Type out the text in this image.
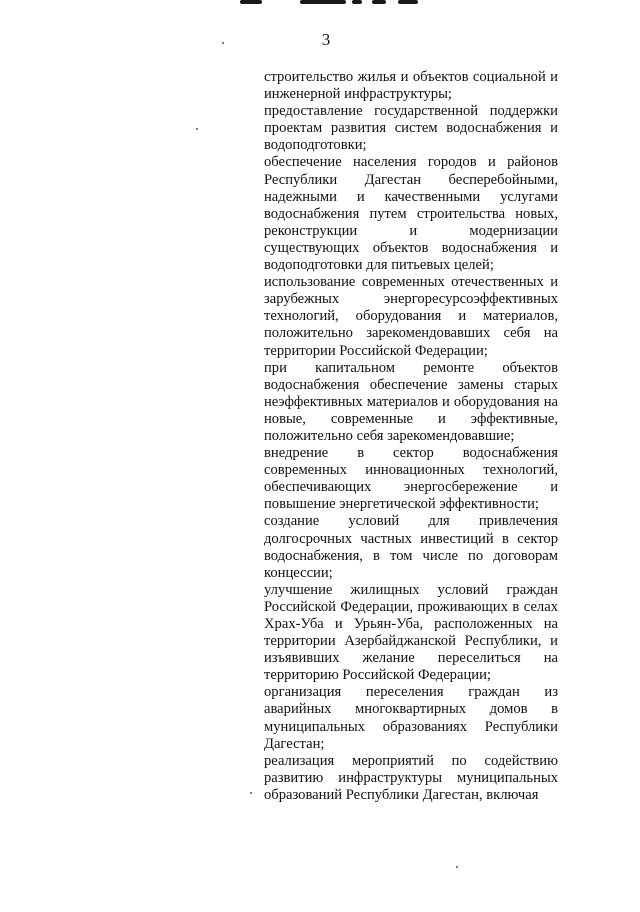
3

строительство жилья и объектов социальной и инженерной инфраструктуры;

предоставление государственной поддержки проектам развития систем водоснабжения и водоподготовки;

обеспечение населения городов и районов Республики Дагестан бесперебойными, надежными и качественными услугами водоснабжения путем строительства новых, реконструкции и модернизации существующих объектов водоснабжения и водоподготовки для питьевых целей;

использование современных отечественных и зарубежных энергоресурсоэффективных технологий, оборудования и материалов, положительно зарекомендовавших себя на территории Российской Федерации;

при капитальном ремонте объектов водоснабжения обеспечение замены старых неэффективных материалов и оборудования на новые, современные и эффективные, положительно себя зарекомендовавшие;

внедрение в сектор водоснабжения современных инновационных технологий, обеспечивающих энергосбережение и повышение энергетической эффективности;

создание условий для привлечения долгосрочных частных инвестиций в сектор водоснабжения, в том числе по договорам концессии;

улучшение жилищных условий граждан Российской Федерации, проживающих в селах Храх-Уба и Урьян-Уба, расположенных на территории Азербайджанской Республики, и изъявивших желание переселиться на территорию Российской Федерации;

организация переселения граждан из аварийных многоквартирных домов в муниципальных образованиях Республики Дагестан;

реализация мероприятий по содействию развитию инфраструктуры муниципальных образований Республики Дагестан, включая
